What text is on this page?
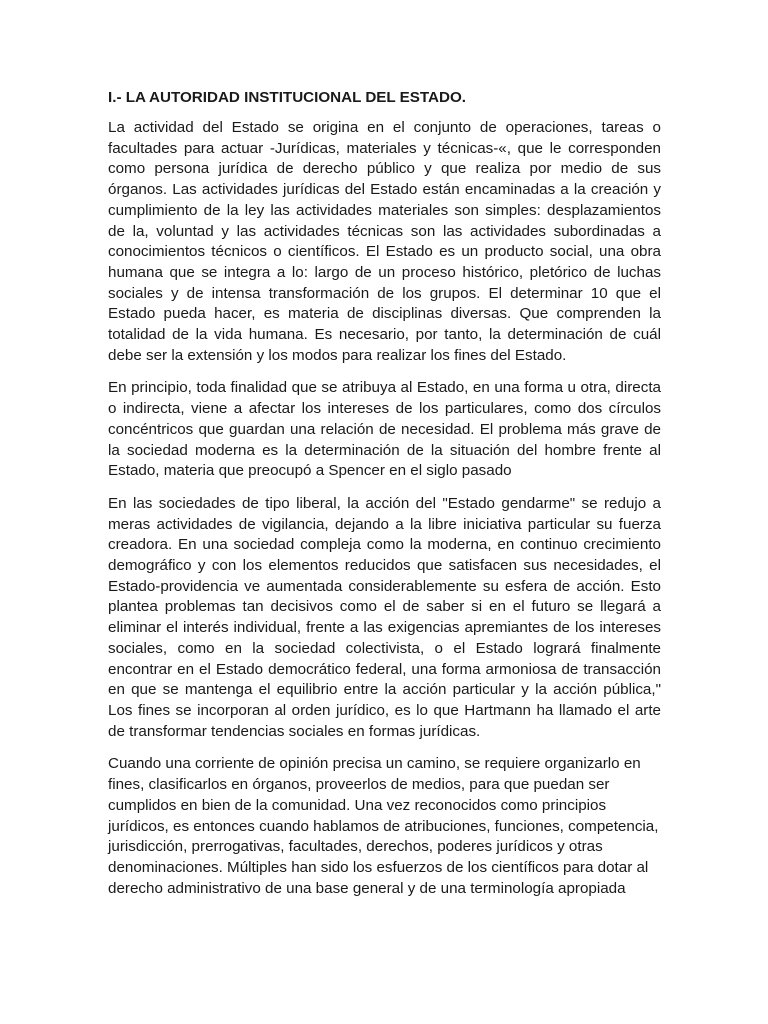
I.- LA AUTORIDAD INSTITUCIONAL DEL ESTADO.

La actividad del Estado se origina en el conjunto de operaciones, tareas o facultades para actuar -Jurídicas, materiales y técnicas-«, que le corresponden como persona jurídica de derecho público y que realiza por medio de sus órganos. Las actividades jurídicas del Estado están encaminadas a la creación y cumplimiento de la ley las actividades materiales son simples: desplazamientos de la, voluntad y las actividades técnicas son las actividades subordinadas a conocimientos técnicos o científicos. El Estado es un producto social, una obra humana que se integra a lo: largo de un proceso histórico, pletórico de luchas sociales y de intensa transformación de los grupos. El determinar 10 que el Estado pueda hacer, es materia de disciplinas diversas. Que comprenden la totalidad de la vida humana. Es necesario, por tanto, la determinación de cuál debe ser la extensión y los modos para realizar los fines del Estado.

En principio, toda finalidad que se atribuya al Estado, en una forma u otra, directa o indirecta, viene a afectar los intereses de los particulares, como dos círculos concéntricos que guardan una relación de necesidad. El problema más grave de la sociedad moderna es la determinación de la situación del hombre frente al Estado, materia que preocupó a Spencer en el siglo pasado

En las sociedades de tipo liberal, la acción del "Estado gendarme" se redujo a meras actividades de vigilancia, dejando a la libre iniciativa particular su fuerza creadora. En una sociedad compleja como la moderna, en continuo crecimiento demográfico y con los elementos reducidos que satisfacen sus necesidades, el Estado-providencia ve aumentada considerablemente su esfera de acción. Esto plantea problemas tan decisivos como el de saber si en el futuro se llegará a eliminar el interés individual, frente a las exigencias apremiantes de los intereses sociales, como en la sociedad colectivista, o el Estado logrará finalmente encontrar en el Estado democrático federal, una forma armoniosa de transacción en que se mantenga el equilibrio entre la acción particular y la acción pública," Los fines se incorporan al orden jurídico, es lo que Hartmann ha llamado el arte de transformar tendencias sociales en formas jurídicas.

Cuando una corriente de opinión precisa un camino, se requiere organizarlo en fines, clasificarlos en órganos, proveerlos de medios, para que puedan ser cumplidos en bien de la comunidad. Una vez reconocidos como principios jurídicos, es entonces cuando hablamos de atribuciones, funciones, competencia, jurisdicción, prerrogativas, facultades, derechos, poderes jurídicos y otras denominaciones. Múltiples han sido los esfuerzos de los científicos para dotar al derecho administrativo de una base general y de una terminología apropiada
